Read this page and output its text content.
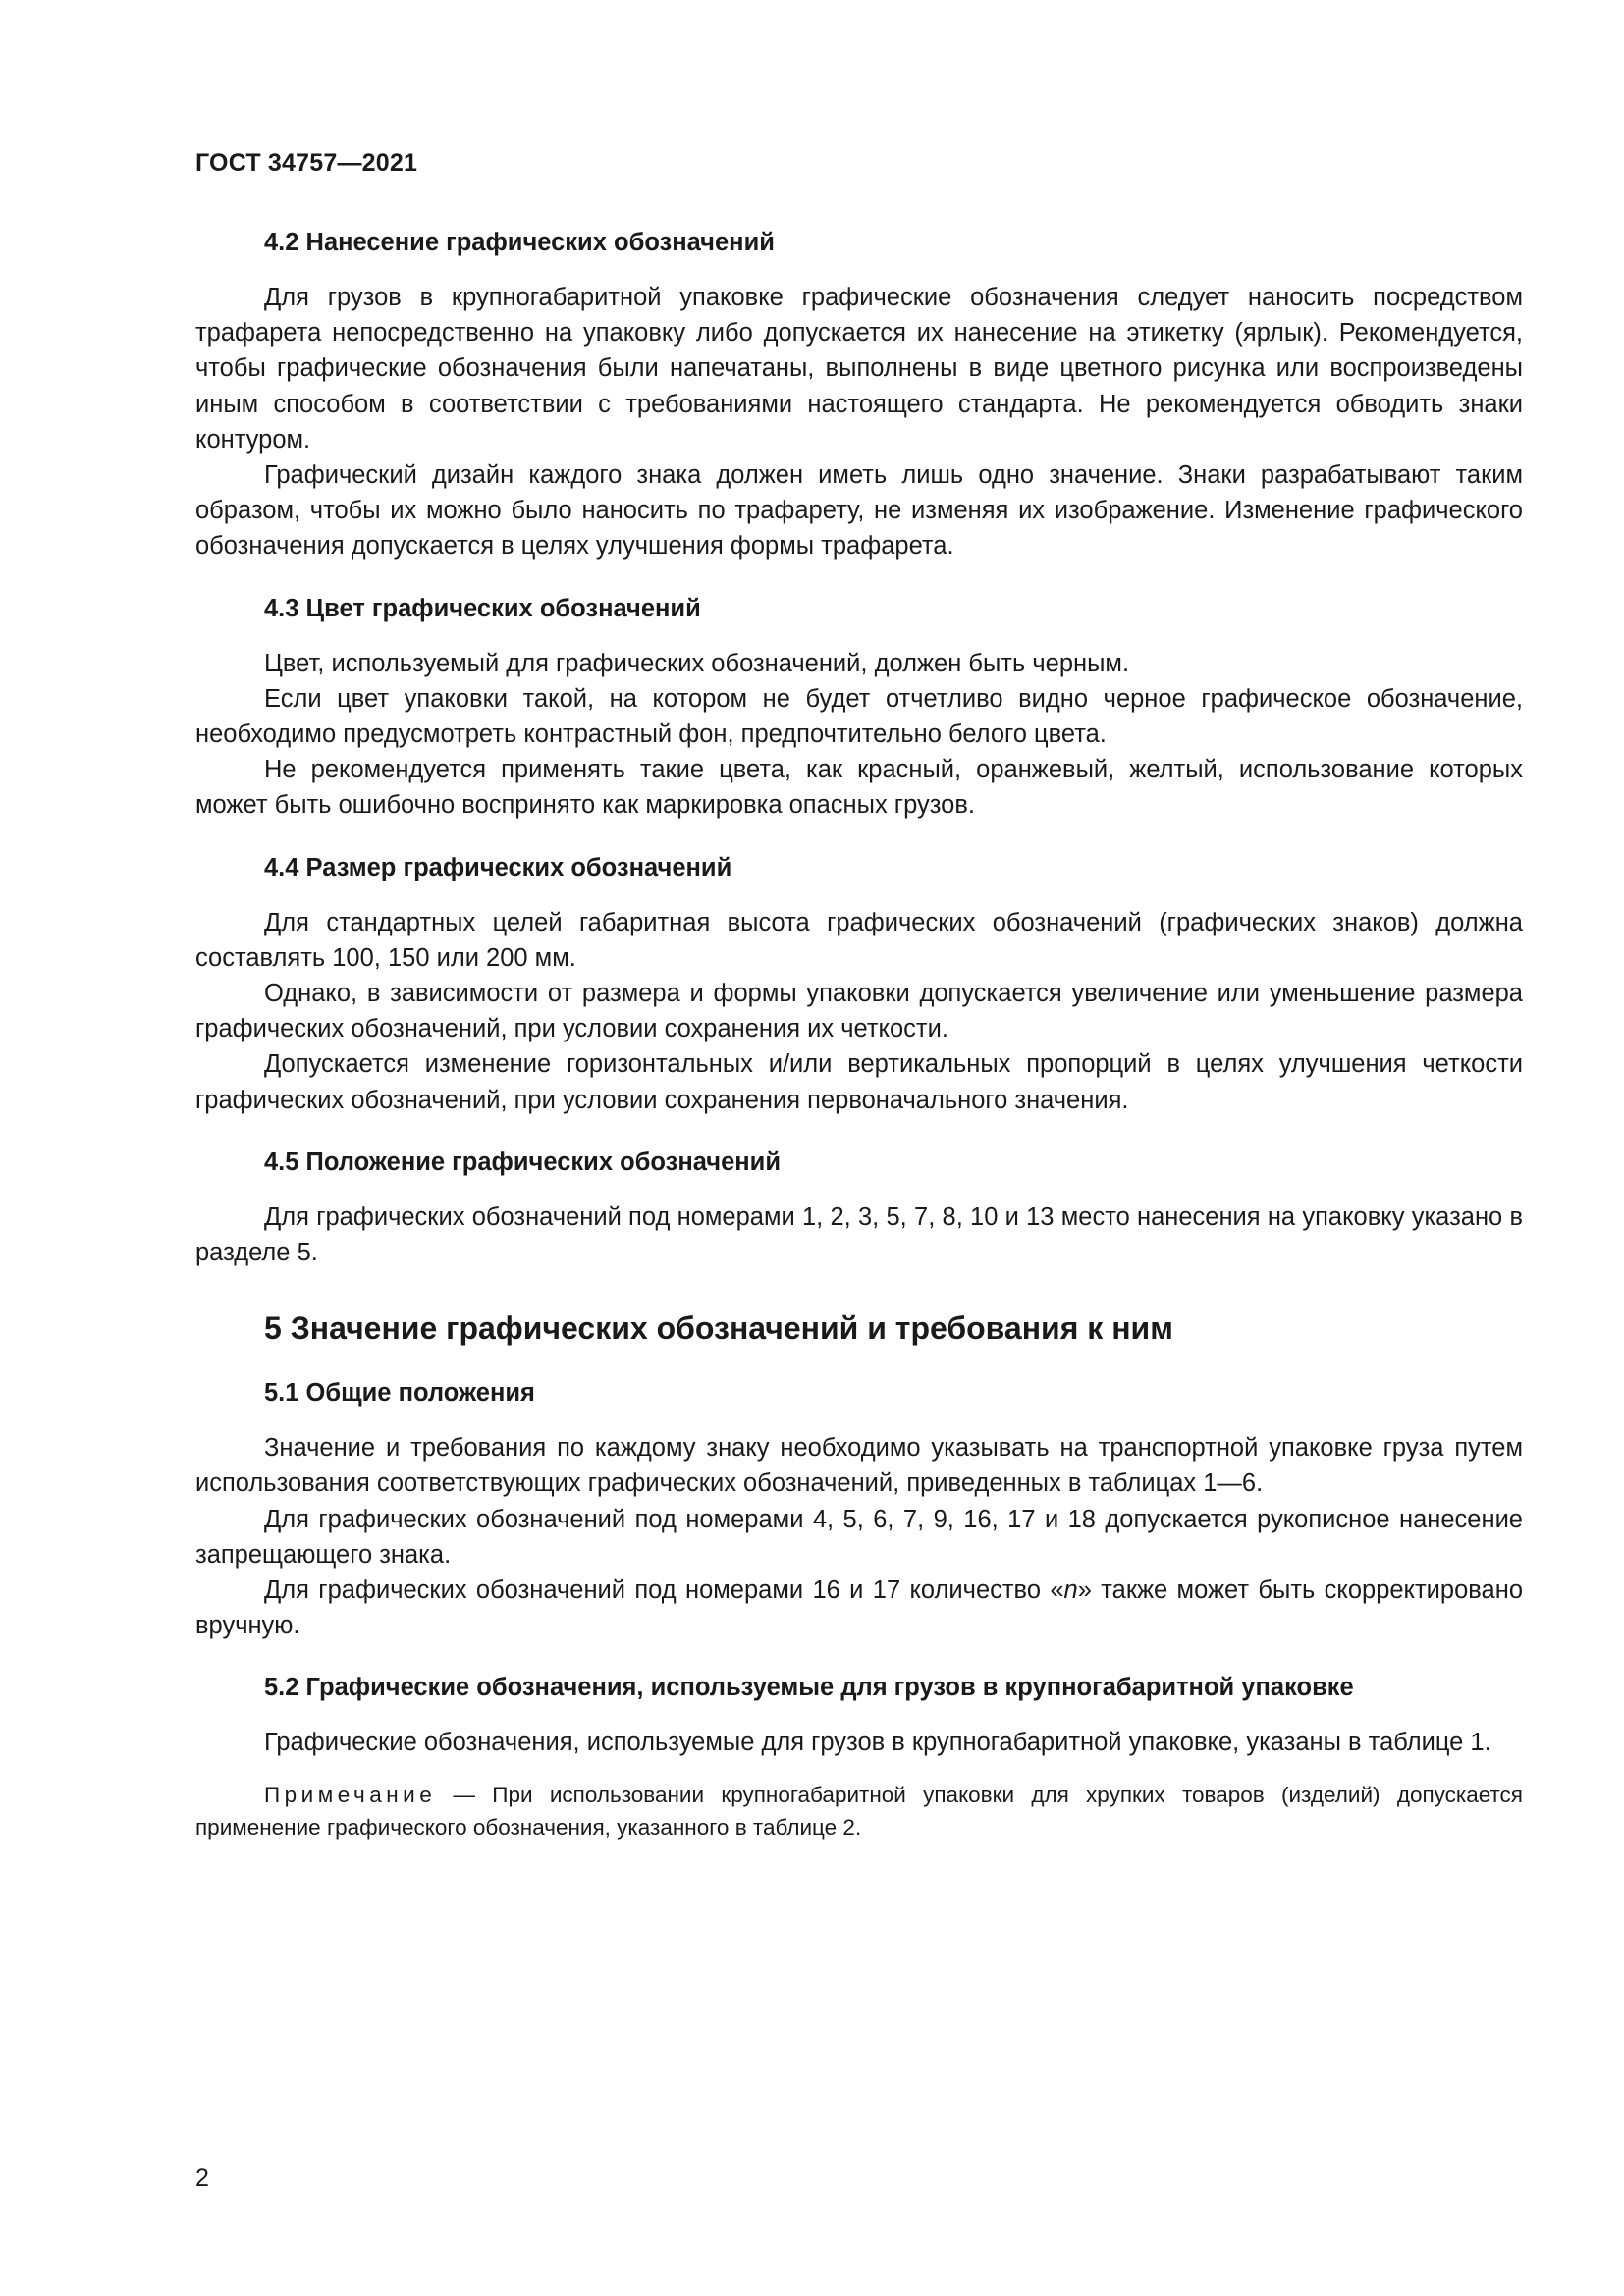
ГОСТ 34757—2021
4.2 Нанесение графических обозначений

Для грузов в крупногабаритной упаковке графические обозначения следует наносить посредством трафарета непосредственно на упаковку либо допускается их нанесение на этикетку (ярлык). Рекомендуется, чтобы графические обозначения были напечатаны, выполнены в виде цветного рисунка или воспроизведены иным способом в соответствии с требованиями настоящего стандарта. Не рекомендуется обводить знаки контуром.

Графический дизайн каждого знака должен иметь лишь одно значение. Знаки разрабатывают таким образом, чтобы их можно было наносить по трафарету, не изменяя их изображение. Изменение графического обозначения допускается в целях улучшения формы трафарета.

4.3 Цвет графических обозначений

Цвет, используемый для графических обозначений, должен быть черным.

Если цвет упаковки такой, на котором не будет отчетливо видно черное графическое обозначение, необходимо предусмотреть контрастный фон, предпочтительно белого цвета.

Не рекомендуется применять такие цвета, как красный, оранжевый, желтый, использование которых может быть ошибочно воспринято как маркировка опасных грузов.

4.4 Размер графических обозначений

Для стандартных целей габаритная высота графических обозначений (графических знаков) должна составлять 100, 150 или 200 мм.

Однако, в зависимости от размера и формы упаковки допускается увеличение или уменьшение размера графических обозначений, при условии сохранения их четкости.

Допускается изменение горизонтальных и/или вертикальных пропорций в целях улучшения четкости графических обозначений, при условии сохранения первоначального значения.

4.5 Положение графических обозначений

Для графических обозначений под номерами 1, 2, 3, 5, 7, 8, 10 и 13 место нанесения на упаковку указано в разделе 5.

5 Значение графических обозначений и требования к ним
5.1 Общие положения

Значение и требования по каждому знаку необходимо указывать на транспортной упаковке груза путем использования соответствующих графических обозначений, приведенных в таблицах 1—6.

Для графических обозначений под номерами 4, 5, 6, 7, 9, 16, 17 и 18 допускается рукописное нанесение запрещающего знака.

Для графических обозначений под номерами 16 и 17 количество «n» также может быть скорректировано вручную.

5.2 Графические обозначения, используемые для грузов в крупногабаритной упаковке

Графические обозначения, используемые для грузов в крупногабаритной упаковке, указаны в таблице 1.

Примечание — При использовании крупногабаритной упаковки для хрупких товаров (изделий) допускается применение графического обозначения, указанного в таблице 2.

2
